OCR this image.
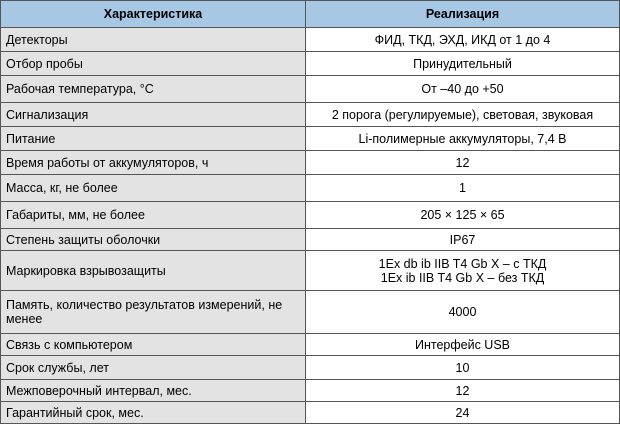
Характеристика	Реализация
Детекторы	ФИД, ТКД, ЭХД, ИКД от 1 до 4
Отбор пробы	Принудительный
Рабочая температура, °C	От –40 до +50
Сигнализация	2 порога (регулируемые), световая, звуковая
Питание	Li-полимерные аккумуляторы, 7,4 В
Время работы от аккумуляторов, ч	12
Масса, кг, не более	1
Габариты, мм, не более	205 × 125 × 65
Степень защиты оболочки	IP67
Маркировка взрывозащиты	1Ex db ib IIB T4 Gb X – с ТКД
1Ex ib IIB T4 Gb X – без ТКД

Память, количество результатов измерений, не менее	4000
Связь с компьютером	Интерфейс USB
Срок службы, лет	10
Межповерочный интервал, мес.	12
Гарантийный срок, мес.	24
